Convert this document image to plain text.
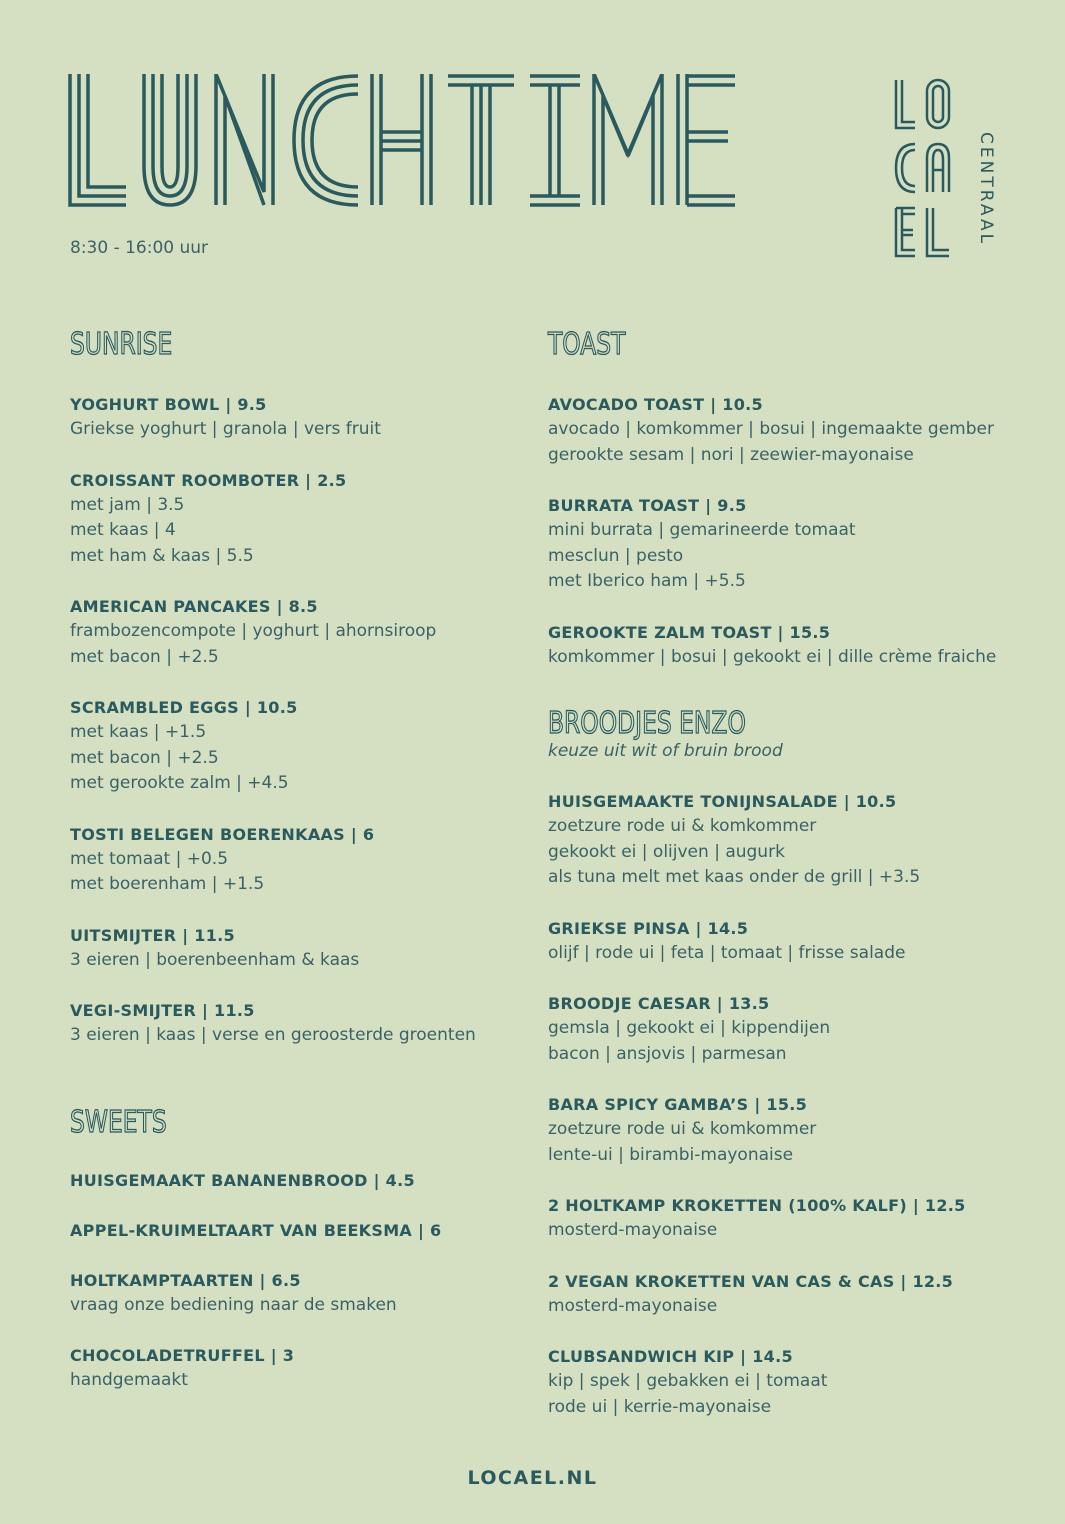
8:30 - 16:00 uur
CENTRAAL
SUNRISE
YOGHURT BOWL | 9.5
Griekse yoghurt | granola | vers fruit
CROISSANT ROOMBOTER | 2.5
met jam | 3.5
met kaas | 4
met ham & kaas | 5.5
AMERICAN PANCAKES | 8.5
frambozencompote | yoghurt | ahornsiroop
met bacon | +2.5
SCRAMBLED EGGS | 10.5
met kaas | +1.5
met bacon | +2.5
met gerookte zalm | +4.5
TOSTI BELEGEN BOERENKAAS | 6
met tomaat | +0.5
met boerenham | +1.5
UITSMIJTER | 11.5
3 eieren | boerenbeenham & kaas
VEGI-SMIJTER | 11.5
3 eieren | kaas | verse en geroosterde groenten
SWEETS
HUISGEMAAKT BANANENBROOD | 4.5
APPEL-KRUIMELTAART VAN BEEKSMA | 6
HOLTKAMPTAARTEN | 6.5
vraag onze bediening naar de smaken
CHOCOLADETRUFFEL | 3
handgemaakt
TOAST
AVOCADO TOAST | 10.5
avocado | komkommer | bosui | ingemaakte gember
gerookte sesam | nori | zeewier-mayonaise
BURRATA TOAST | 9.5
mini burrata | gemarineerde tomaat
mesclun | pesto
met Iberico ham | +5.5
GEROOKTE ZALM TOAST | 15.5
komkommer | bosui | gekookt ei | dille crème fraiche
BROODJES ENZO
keuze uit wit of bruin brood
HUISGEMAAKTE TONIJNSALADE | 10.5
zoetzure rode ui & komkommer
gekookt ei | olijven | augurk
als tuna melt met kaas onder de grill | +3.5
GRIEKSE PINSA | 14.5
olijf | rode ui | feta | tomaat | frisse salade
BROODJE CAESAR | 13.5
gemsla | gekookt ei | kippendijen
bacon | ansjovis | parmesan
BARA SPICY GAMBA’S | 15.5
zoetzure rode ui & komkommer
lente-ui | birambi-mayonaise
2 HOLTKAMP KROKETTEN (100% KALF) | 12.5
mosterd-mayonaise
2 VEGAN KROKETTEN VAN CAS & CAS | 12.5
mosterd-mayonaise
CLUBSANDWICH KIP | 14.5
kip | spek | gebakken ei | tomaat
rode ui | kerrie-mayonaise
LOCAEL.NL
